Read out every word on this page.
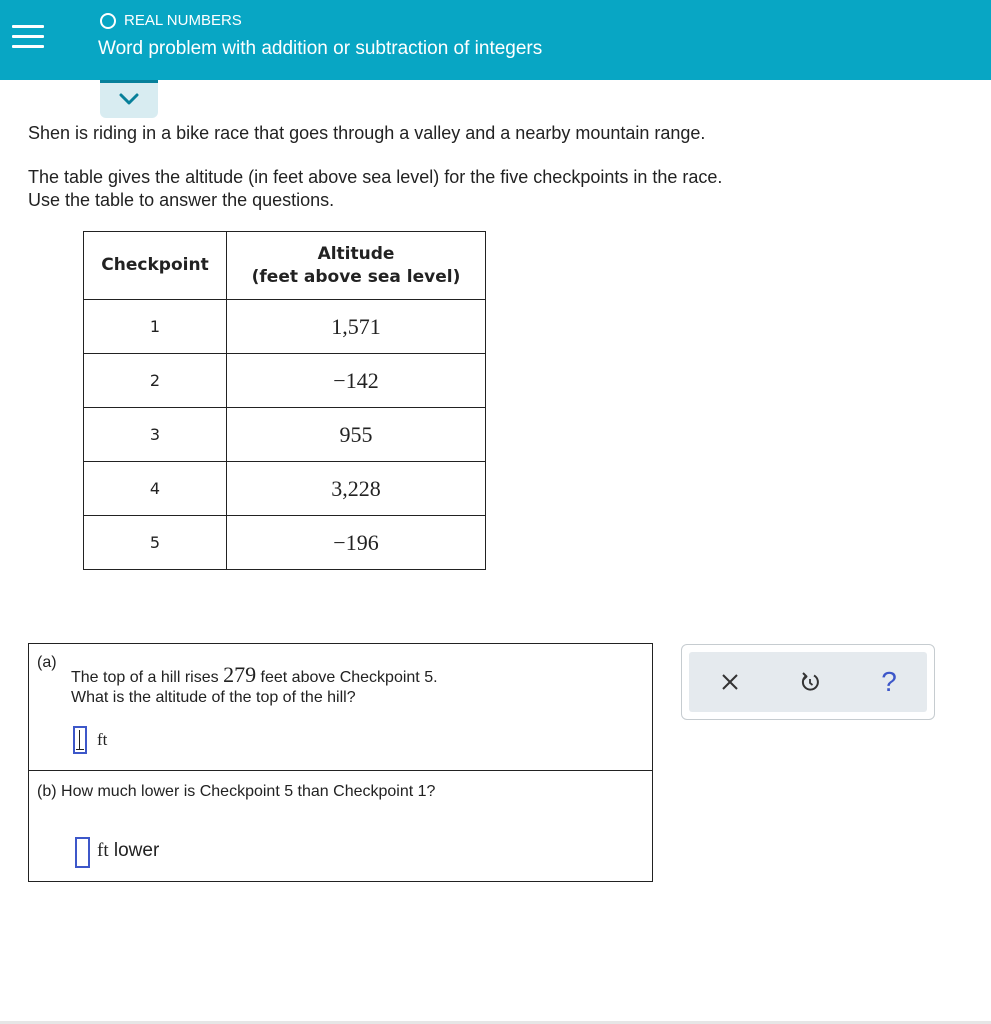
REAL NUMBERS
Word problem with addition or subtraction of integers
Shen is riding in a bike race that goes through a valley and a nearby mountain range.
The table gives the altitude (in feet above sea level) for the five checkpoints in the race.
Use the table to answer the questions.
Checkpoint	Altitude
(feet above sea level)

1	1,571
2	−142
3	955
4	3,228
5	−196
(a)
The top of a hill rises 279 feet above Checkpoint 5.
What is the altitude of the top of the hill?
ft
(b) How much lower is Checkpoint 5 than Checkpoint 1?
ft lower
?
